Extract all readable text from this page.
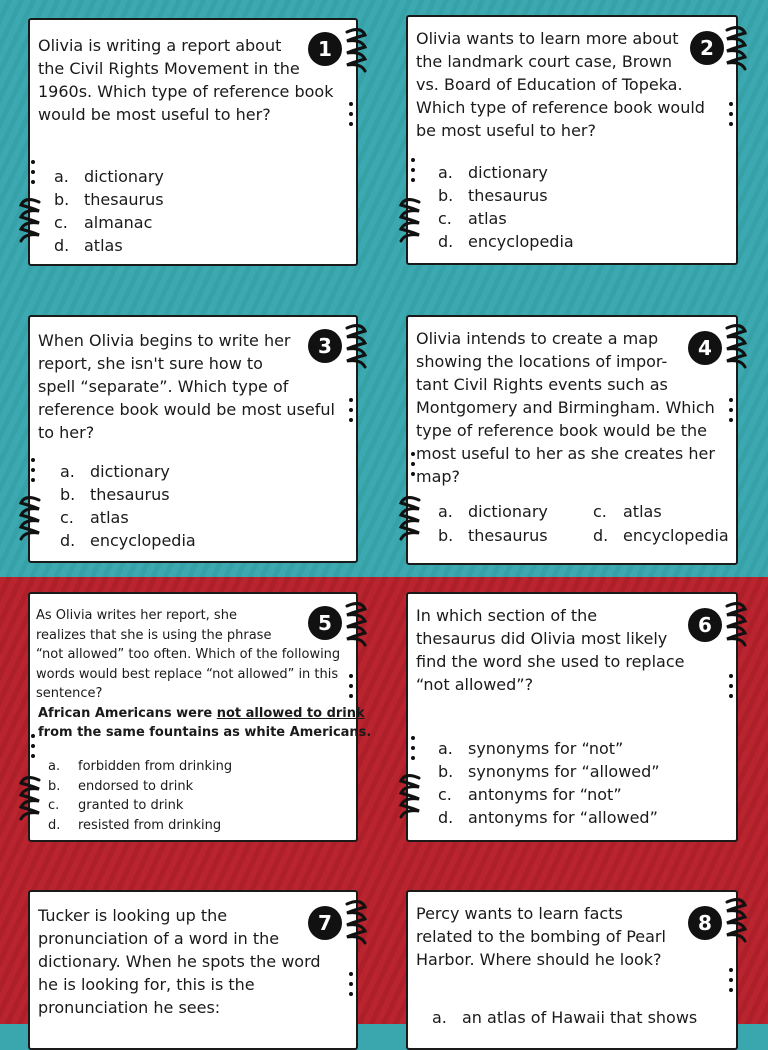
1
Olivia is writing a report about
the Civil Rights Movement in the
1960s. Which type of reference book
would be most useful to her?
a. dictionary
b. thesaurus
c.	almanac
d. atlas
2
Olivia wants to learn more about
the landmark court case, Brown
vs. Board of Education of Topeka.
Which type of reference book would
be most useful to her?
a. dictionary
b. thesaurus
c.	atlas
d. encyclopedia
3
When Olivia begins to write her
report, she isn't sure how to
spell “separate”. Which type of
reference book would be most useful
to her?
a. dictionary
b. thesaurus
c.	atlas
d. encyclopedia
4
Olivia intends to create a map
showing the locations of impor-
tant Civil Rights events such as
Montgomery and Birmingham. Which
type of reference book would be the
most useful to her as she creates her
map?
a. dictionary	c.	atlas
b. thesaurus	d. encyclopedia
5
As Olivia writes her report, she
realizes that she is using the phrase
“not allowed” too often. Which of the following
words would best replace “not allowed” in this
sentence?
African Americans were not allowed to drink
from the same fountains as white Americans.
a.	forbidden from drinking
b.	endorsed to drink
c.	granted to drink
d.	resisted from drinking
6
In which section of the
thesaurus did Olivia most likely
find the word she used to replace
“not allowed”?
a. synonyms for “not”
b. synonyms for “allowed”
c.	antonyms for “not”
d. antonyms for “allowed”
7
Tucker is looking up the
pronunciation of a word in the
dictionary. When he spots the word
he is looking for, this is the
pronunciation he sees:
8
Percy wants to learn facts
related to the bombing of Pearl
Harbor. Where should he look?
a. an atlas of Hawaii that shows
